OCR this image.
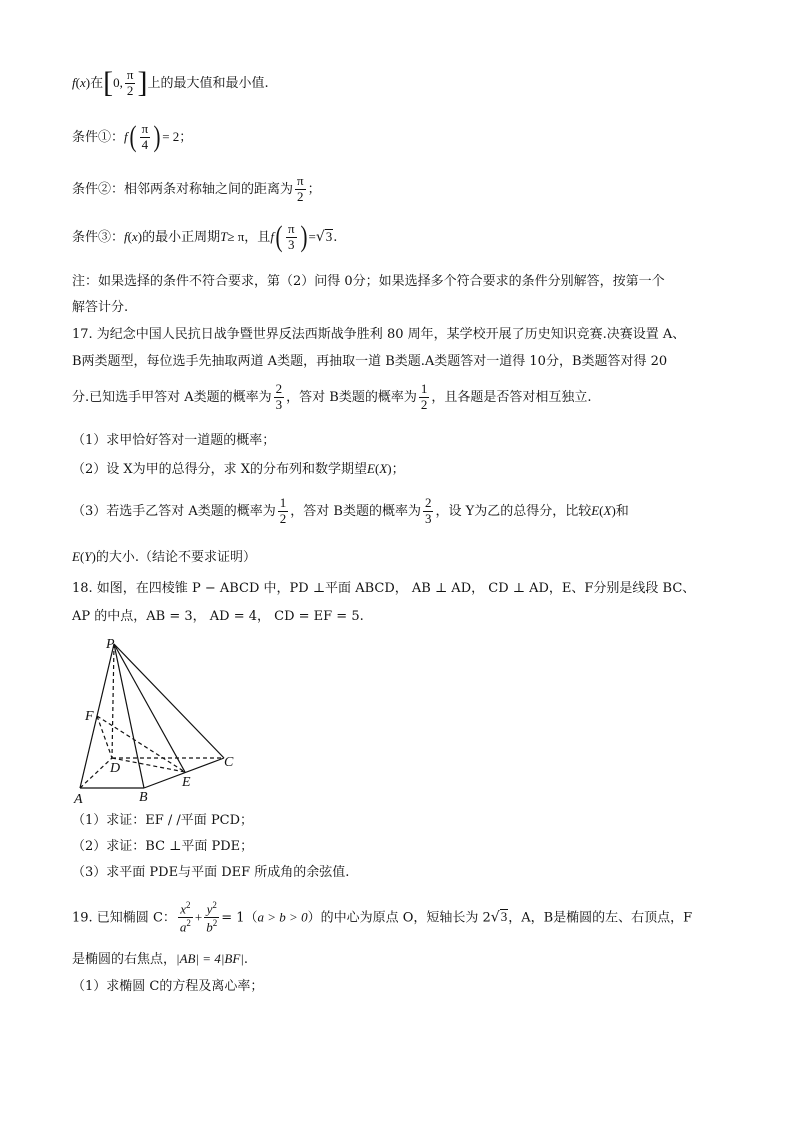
f(x)在[0, $\frac{\pi}{2}$ ]上的最大值和最小值.
条件①：$f( \frac{\pi}{4}$ ) = 2；
条件②：相邻两条对称轴之间的距离为 $\frac{\pi}{2}$ ；
条件③：f(x)的最小正周期T≥ π，且$f( \frac{\pi}{3}$ ) =√3.
注：如果选择的条件不符合要求，第（2）问得 0分；如果选择多个符合要求的条件分别解答，按第一个
解答计分.
17. 为纪念中国人民抗日战争暨世界反法西斯战争胜利 80 周年，某学校开展了历史知识竞赛.决赛设置 A、
B两类题型，每位选手先抽取两道 A类题，再抽取一道 B类题.A类题答对一道得 10分，B类题答对得 20
分.已知选手甲答对 A类题的概率为 $\frac{2}{3}$ ，答对 B类题的概率为 $\frac{1}{2}$ ，且各题是否答对相互独立.
（1）求甲恰好答对一道题的概率；
（2）设 X为甲的总得分，求 X的分布列和数学期望E(X)；
（3）若选手乙答对 A类题的概率为 $\frac{1}{2}$ ，答对 B类题的概率为 $\frac{2}{3}$ ，设 Y为乙的总得分，比较E(X)和
E(Y)的大小.（结论不要求证明）
18. 如图，在四棱锥 P − ABCD 中，PD ⊥平面 ABCD， AB ⊥ AD， CD ⊥ AD，E、F分别是线段 BC、
AP 的中点，AB = 3， AD = 4， CD = EF = 5.
P
F
D	C
E
A	B
（1）求证：EF / /平面 PCD；
（2）求证：BC ⊥平面 PDE；
（3）求平面 PDE与平面 DEF 所成角的余弦值.
19. 已知椭圆 C： $\frac{x^2}{a^2} + \frac{y^2}{b^2} = 1(a > b > 0)$的中心为原点 O，短轴长为 2√3，A，B是椭圆的左、右顶点，F
是椭圆的右焦点，|AB| = 4|BF|.
（1）求椭圆 C的方程及离心率；
